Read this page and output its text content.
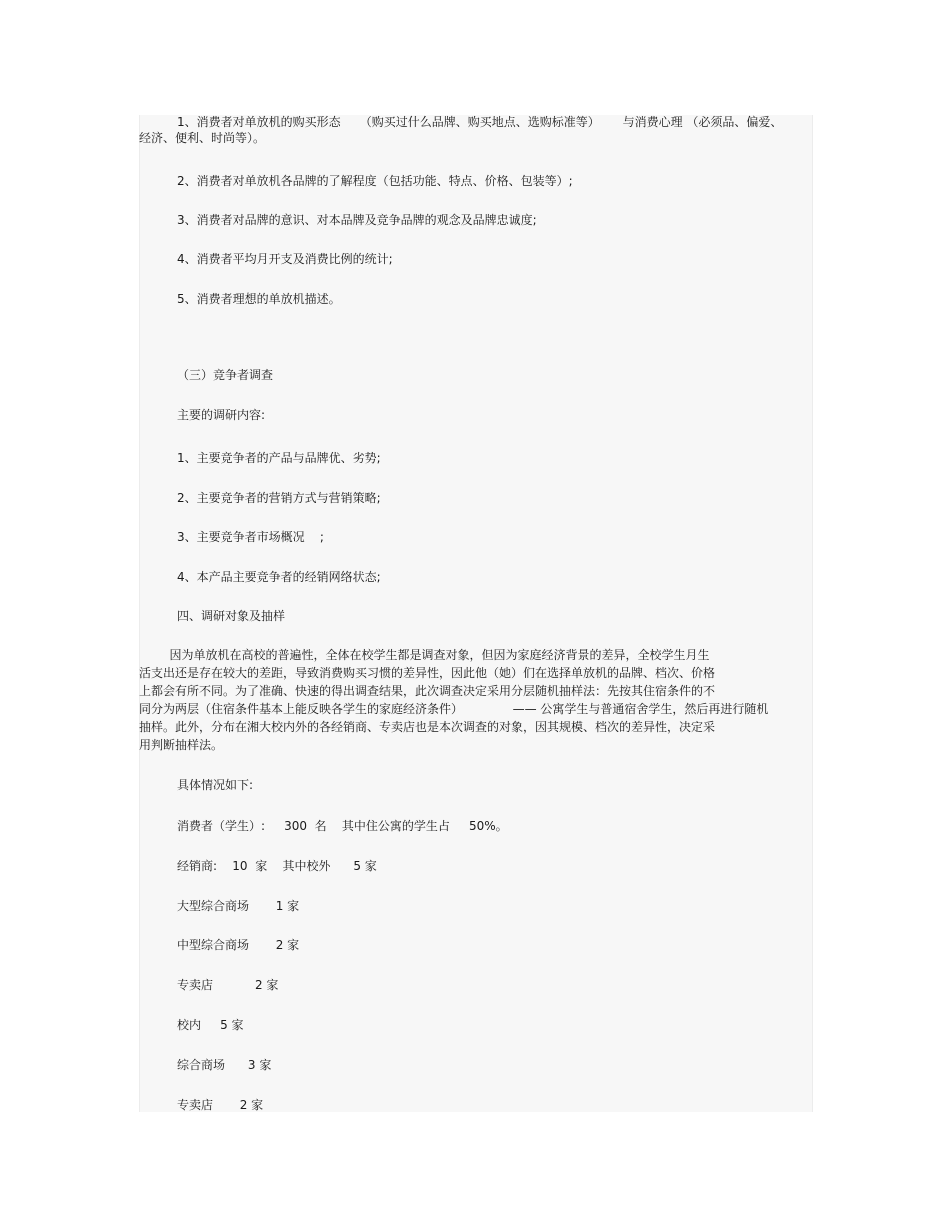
1、消费者对单放机的购买形态     （购买过什么品牌、购买地点、选购标准等）      与消费心理 （必须品、偏爱、
经济、便利、时尚等）。
2、消费者对单放机各品牌的了解程度（包括功能、特点、价格、包装等）;
3、消费者对品牌的意识、对本品牌及竞争品牌的观念及品牌忠诚度;
4、消费者平均月开支及消费比例的统计;
5、消费者理想的单放机描述。
（三）竞争者调查
主要的调研内容:
1、主要竞争者的产品与品牌优、劣势;
2、主要竞争者的营销方式与营销策略;
3、主要竞争者市场概况    ;
4、本产品主要竞争者的经销网络状态;
四、调研对象及抽样
因为单放机在高校的普遍性，全体在校学生都是调查对象，但因为家庭经济背景的差异，全校学生月生
活支出还是存在较大的差距，导致消费购买习惯的差异性，因此他（她）们在选择单放机的品牌、档次、价格
上都会有所不同。为了准确、快速的得出调查结果，此次调查决定采用分层随机抽样法：先按其住宿条件的不
同分为两层（住宿条件基本上能反映各学生的家庭经济条件）             —— 公寓学生与普通宿舍学生，然后再进行随机
抽样。此外，分布在湘大校内外的各经销商、专卖店也是本次调查的对象，因其规模、档次的差异性，决定采
用判断抽样法。
具体情况如下:
消费者（学生）:     300  名    其中住公寓的学生占     50%。
经销商:    10  家    其中校外      5 家
大型综合商场       1 家
中型综合商场       2 家
专卖店           2 家
校内     5 家
综合商场      3 家
专卖店       2 家
